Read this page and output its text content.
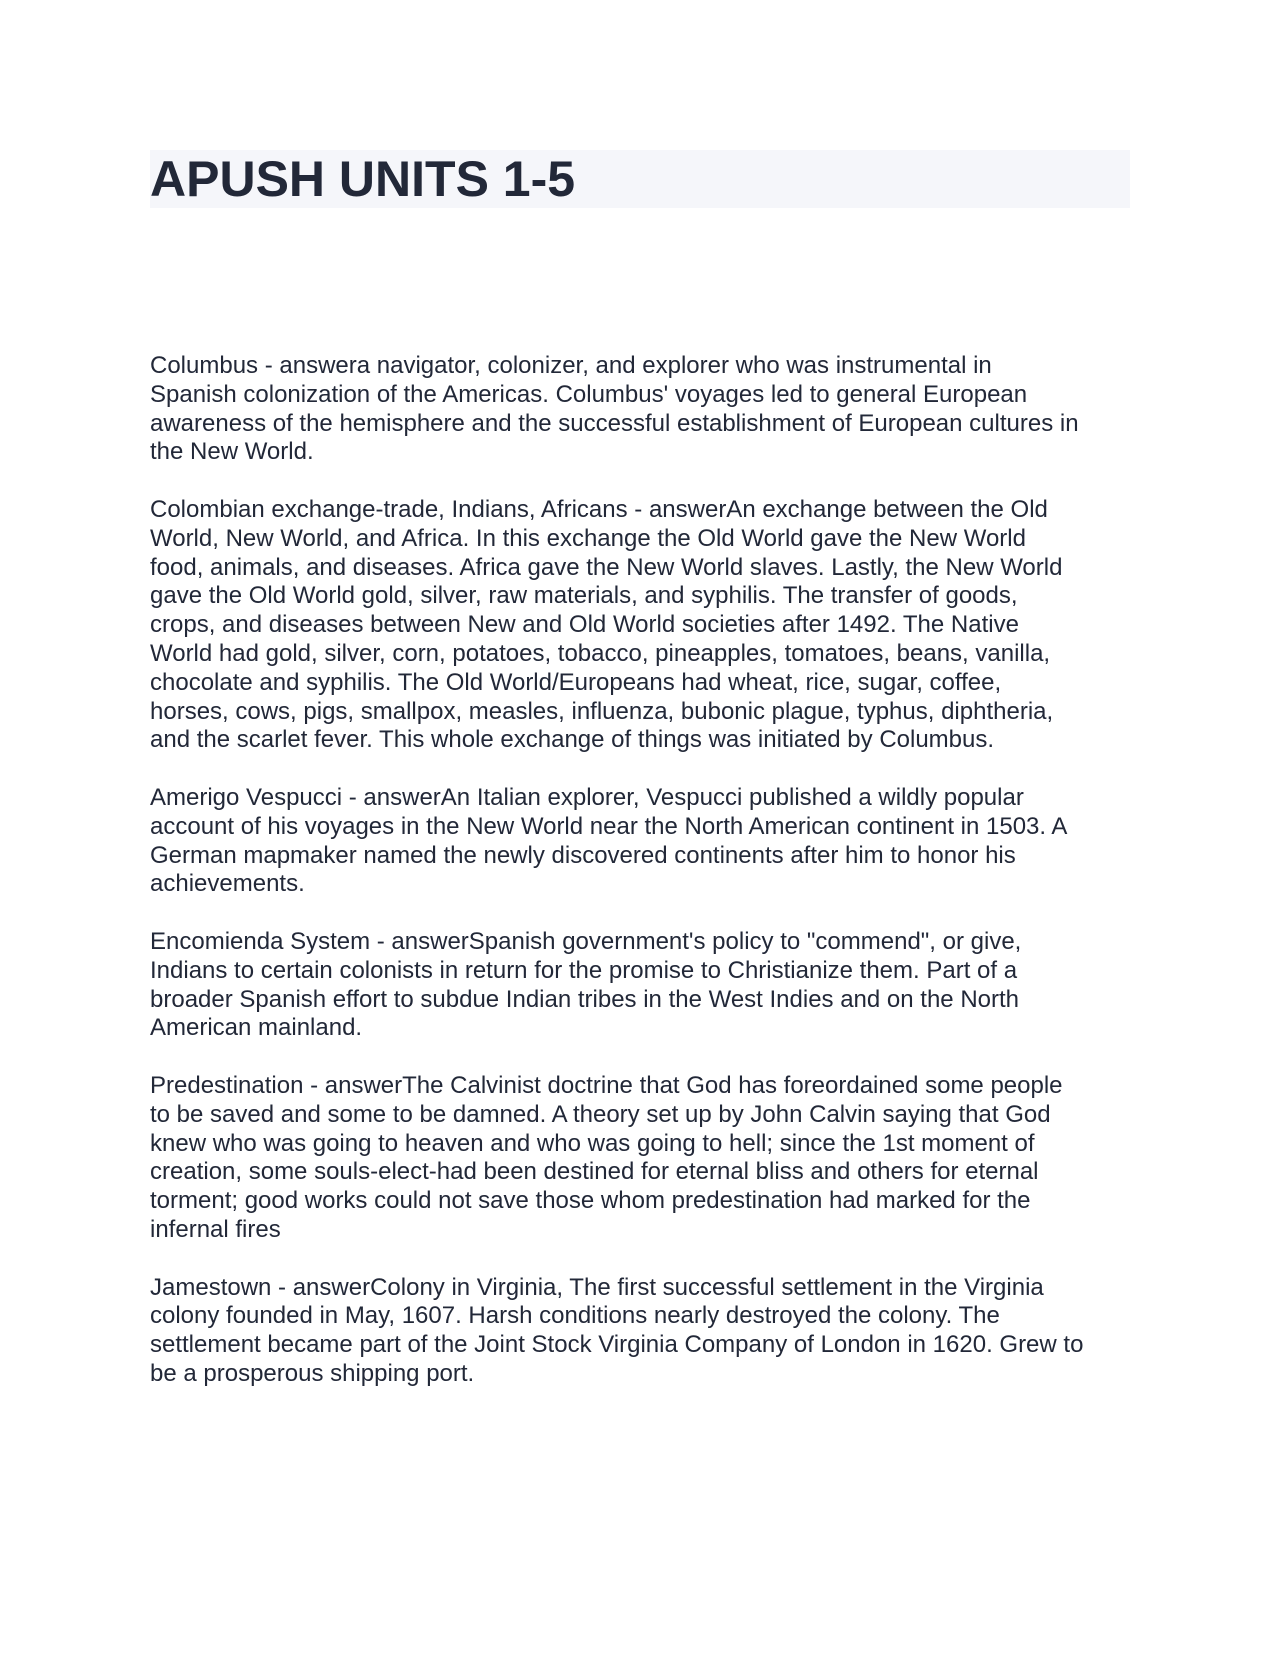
APUSH UNITS 1-5

Columbus - answera navigator, colonizer, and explorer who was instrumental in
Spanish colonization of the Americas. Columbus' voyages led to general European
awareness of the hemisphere and the successful establishment of European cultures in
the New World.

Colombian exchange-trade, Indians, Africans - answerAn exchange between the Old
World, New World, and Africa. In this exchange the Old World gave the New World
food, animals, and diseases. Africa gave the New World slaves. Lastly, the New World
gave the Old World gold, silver, raw materials, and syphilis. The transfer of goods,
crops, and diseases between New and Old World societies after 1492. The Native
World had gold, silver, corn, potatoes, tobacco, pineapples, tomatoes, beans, vanilla,
chocolate and syphilis. The Old World/Europeans had wheat, rice, sugar, coffee,
horses, cows, pigs, smallpox, measles, influenza, bubonic plague, typhus, diphtheria,
and the scarlet fever. This whole exchange of things was initiated by Columbus.

Amerigo Vespucci - answerAn Italian explorer, Vespucci published a wildly popular
account of his voyages in the New World near the North American continent in 1503. A
German mapmaker named the newly discovered continents after him to honor his
achievements.

Encomienda System - answerSpanish government's policy to "commend", or give,
Indians to certain colonists in return for the promise to Christianize them. Part of a
broader Spanish effort to subdue Indian tribes in the West Indies and on the North
American mainland.

Predestination - answerThe Calvinist doctrine that God has foreordained some people
to be saved and some to be damned. A theory set up by John Calvin saying that God
knew who was going to heaven and who was going to hell; since the 1st moment of
creation, some souls-elect-had been destined for eternal bliss and others for eternal
torment; good works could not save those whom predestination had marked for the
infernal fires

Jamestown - answerColony in Virginia, The first successful settlement in the Virginia
colony founded in May, 1607. Harsh conditions nearly destroyed the colony. The
settlement became part of the Joint Stock Virginia Company of London in 1620. Grew to
be a prosperous shipping port.
